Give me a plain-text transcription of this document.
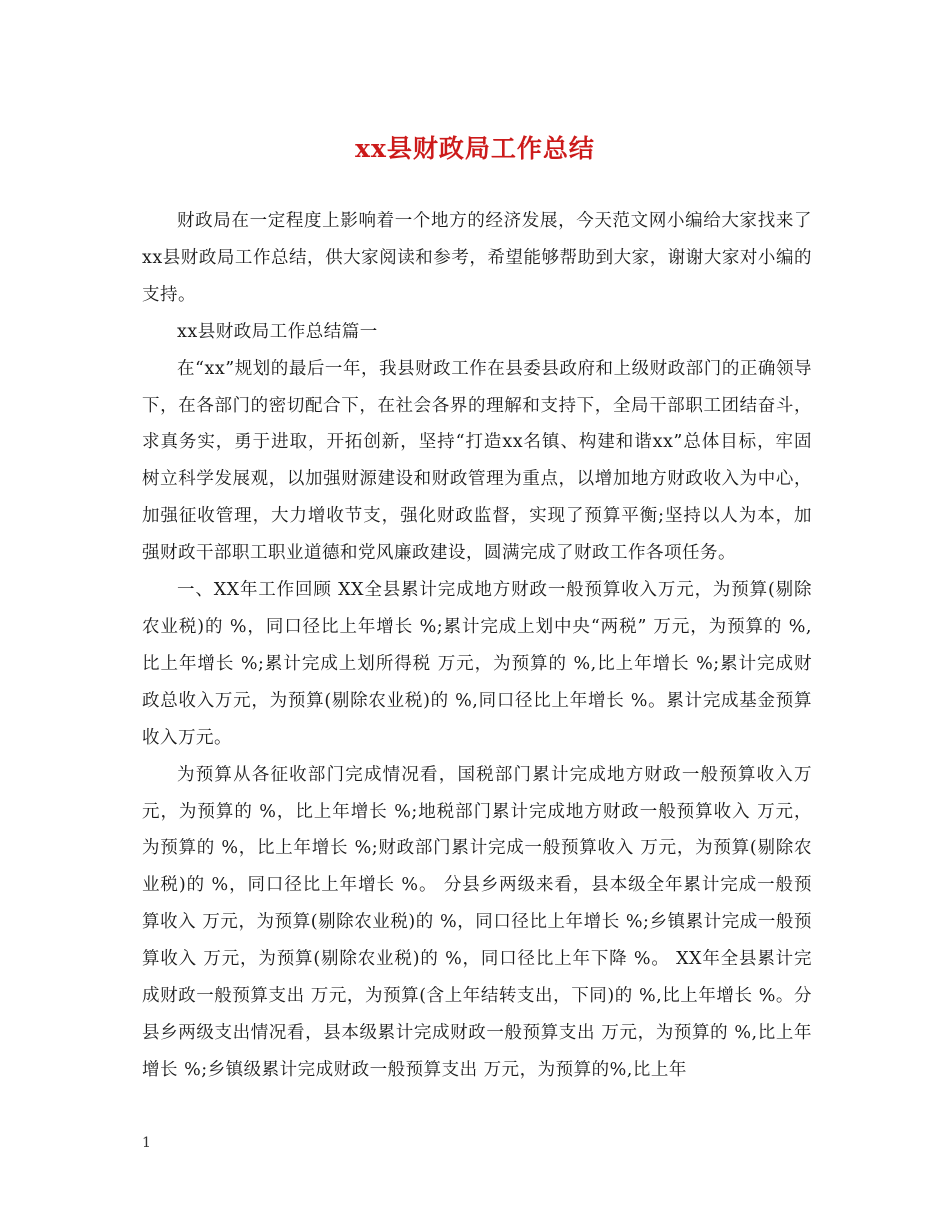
xx县财政局工作总结

财政局在一定程度上影响着一个地方的经济发展，今天范文网小编给大家找来了xx县财政局工作总结，供大家阅读和参考，希望能够帮助到大家，谢谢大家对小编的支持。

xx县财政局工作总结篇一

在“xx”规划的最后一年，我县财政工作在县委县政府和上级财政部门的正确领导下，在各部门的密切配合下，在社会各界的理解和支持下，全局干部职工团结奋斗，求真务实，勇于进取，开拓创新，坚持“打造xx名镇、构建和谐xx”总体目标，牢固树立科学发展观，以加强财源建设和财政管理为重点，以增加地方财政收入为中心，加强征收管理，大力增收节支，强化财政监督，实现了预算平衡;坚持以人为本，加强财政干部职工职业道德和党风廉政建设，圆满完成了财政工作各项任务。

一、XX年工作回顾 XX全县累计完成地方财政一般预算收入万元，为预算(剔除农业税)的 %，同口径比上年增长 %;累计完成上划中央“两税” 万元，为预算的 %,比上年增长 %;累计完成上划所得税 万元，为预算的 %,比上年增长 %;累计完成财政总收入万元，为预算(剔除农业税)的 %,同口径比上年增长 %。累计完成基金预算收入万元。

为预算从各征收部门完成情况看，国税部门累计完成地方财政一般预算收入万元，为预算的 %，比上年增长 %;地税部门累计完成地方财政一般预算收入 万元，为预算的 %，比上年增长 %;财政部门累计完成一般预算收入 万元，为预算(剔除农业税)的 %，同口径比上年增长 %。 分县乡两级来看，县本级全年累计完成一般预算收入 万元，为预算(剔除农业税)的 %，同口径比上年增长 %;乡镇累计完成一般预算收入 万元，为预算(剔除农业税)的 %，同口径比上年下降 %。 XX年全县累计完成财政一般预算支出 万元，为预算(含上年结转支出，下同)的 %,比上年增长 %。分县乡两级支出情况看，县本级累计完成财政一般预算支出 万元，为预算的 %,比上年增长 %;乡镇级累计完成财政一般预算支出 万元，为预算的%,比上年

1
